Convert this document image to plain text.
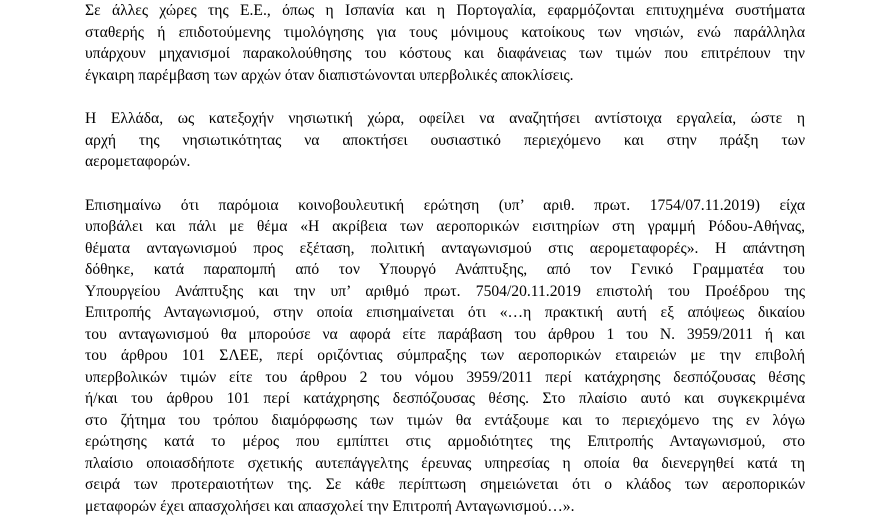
Σε άλλες χώρες της Ε.Ε., όπως η Ισπανία και η Πορτογαλία, εφαρμόζονται επιτυχημένα συστήματα
σταθερής ή επιδοτούμενης τιμολόγησης για τους μόνιμους κατοίκους των νησιών, ενώ παράλληλα
υπάρχουν μηχανισμοί παρακολούθησης του κόστους και διαφάνειας των τιμών που επιτρέπουν την
έγκαιρη παρέμβαση των αρχών όταν διαπιστώνονται υπερβολικές αποκλίσεις.
Η Ελλάδα, ως κατεξοχήν νησιωτική χώρα, οφείλει να αναζητήσει αντίστοιχα εργαλεία, ώστε η
αρχή της νησιωτικότητας να αποκτήσει ουσιαστικό περιεχόμενο και στην πράξη των
αερομεταφορών.
Επισημαίνω ότι παρόμοια κοινοβουλευτική ερώτηση (υπ’ αριθ. πρωτ. 1754/07.11.2019) είχα
υποβάλει και πάλι με θέμα «Η ακρίβεια των αεροπορικών εισιτηρίων στη γραμμή Ρόδου-Αθήνας,
θέματα ανταγωνισμού προς εξέταση, πολιτική ανταγωνισμού στις αερομεταφορές». Η απάντηση
δόθηκε, κατά παραπομπή από τον Υπουργό Ανάπτυξης, από τον Γενικό Γραμματέα του
Υπουργείου Ανάπτυξης και την υπ’ αριθμό πρωτ. 7504/20.11.2019 επιστολή του Προέδρου της
Επιτροπής Ανταγωνισμού, στην οποία επισημαίνεται ότι «…η πρακτική αυτή εξ απόψεως δικαίου
του ανταγωνισμού θα μπορούσε να αφορά είτε παράβαση του άρθρου 1 του Ν. 3959/2011 ή και
του άρθρου 101 ΣΛΕΕ, περί οριζόντιας σύμπραξης των αεροπορικών εταιρειών με την επιβολή
υπερβολικών τιμών είτε του άρθρου 2 του νόμου 3959/2011 περί κατάχρησης δεσπόζουσας θέσης
ή/και του άρθρου 101 περί κατάχρησης δεσπόζουσας θέσης. Στο πλαίσιο αυτό και συγκεκριμένα
στο ζήτημα του τρόπου διαμόρφωσης των τιμών θα εντάξουμε και το περιεχόμενο της εν λόγω
ερώτησης κατά το μέρος που εμπίπτει στις αρμοδιότητες της Επιτροπής Ανταγωνισμού, στο
πλαίσιο οποιασδήποτε σχετικής αυτεπάγγελτης έρευνας υπηρεσίας η οποία θα διενεργηθεί κατά τη
σειρά των προτεραιοτήτων της. Σε κάθε περίπτωση σημειώνεται ότι ο κλάδος των αεροπορικών
μεταφορών έχει απασχολήσει και απασχολεί την Επιτροπή Ανταγωνισμού…».
